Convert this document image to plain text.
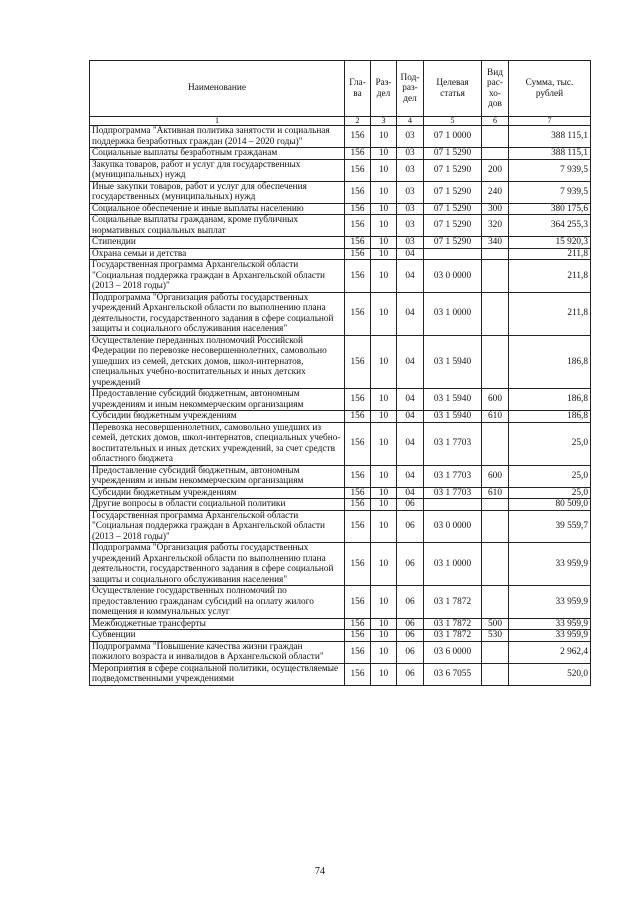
Наименование	Гла- ва	Раз- дел	Под- раз- дел	Целевая статья	Вид рас- хо- дов	Сумма, тыс. рублей
1	2	3	4	5	6	7
Подпрограмма "Активная политика занятости и социальная поддержка безработных граждан (2014 – 2020 годы)"	156	10	03	07 1 0000		388 115,1
Социальные выплаты безработным гражданам	156	10	03	07 1 5290		388 115,1
Закупка товаров, работ и услуг для государственных (муниципальных) нужд	156	10	03	07 1 5290	200	7 939,5
Иные закупки товаров, работ и услуг для обеспечения государственных (муниципальных) нужд	156	10	03	07 1 5290	240	7 939,5
Социальное обеспечение и иные выплаты населению	156	10	03	07 1 5290	300	380 175,6
Социальные выплаты гражданам, кроме публичных нормативных социальных выплат	156	10	03	07 1 5290	320	364 255,3
Стипендии	156	10	03	07 1 5290	340	15 920,3
Охрана семьи и детства	156	10	04			211,8
Государственная программа Архангельской области "Социальная поддержка граждан в Архангельской области (2013 – 2018 годы)"	156	10	04	03 0 0000		211,8
Подпрограмма "Организация работы государственных учреждений Архангельской области по выполнению плана деятельности, государственного задания в сфере социальной защиты и социального обслуживания населения"	156	10	04	03 1 0000		211,8
Осуществление переданных полномочий Российской Федерации по перевозке несовершеннолетних, самовольно ушедших из семей, детских домов, школ-интернатов, специальных учебно-воспитательных и иных детских учреждений	156	10	04	03 1 5940		186,8
Предоставление субсидий бюджетным, автономным учреждениям и иным некоммерческим организациям	156	10	04	03 1 5940	600	186,8
Субсидии бюджетным учреждениям	156	10	04	03 1 5940	610	186,8
Перевозка несовершеннолетних, самовольно ушедших из семей, детских домов, школ-интернатов, специальных учебно-воспитательных и иных детских учреждений, за счет средств областного бюджета	156	10	04	03 1 7703		25,0
Предоставление субсидий бюджетным, автономным учреждениям и иным некоммерческим организациям	156	10	04	03 1 7703	600	25,0
Субсидии бюджетным учреждениям	156	10	04	03 1 7703	610	25,0
Другие вопросы в области социальной политики	156	10	06			80 509,0
Государственная программа Архангельской области "Социальная поддержка граждан в Архангельской области (2013 – 2018 годы)"	156	10	06	03 0 0000		39 559,7
Подпрограмма "Организация работы государственных учреждений Архангельской области по выполнению плана деятельности, государственного задания в сфере социальной защиты и социального обслуживания населения"	156	10	06	03 1 0000		33 959,9
Осуществление государственных полномочий по предоставлению гражданам субсидий на оплату жилого помещения и коммунальных услуг	156	10	06	03 1 7872		33 959,9
Межбюджетные трансферты	156	10	06	03 1 7872	500	33 959,9
Субвенции	156	10	06	03 1 7872	530	33 959,9
Подпрограмма "Повышение качества жизни граждан пожилого возраста и инвалидов в Архангельской области"	156	10	06	03 6 0000		2 962,4
Мероприятия в сфере социальной политики, осуществляемые подведомственными учреждениями	156	10	06	03 6 7055		520,0
74
